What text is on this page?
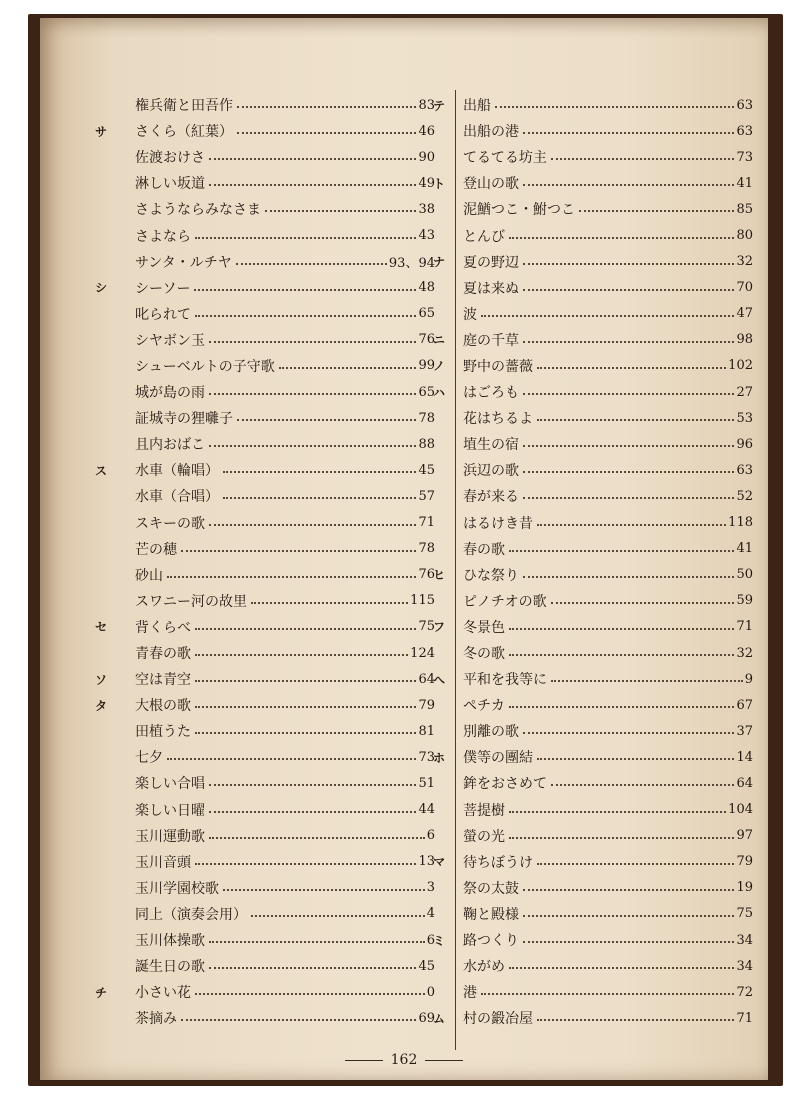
権兵衛と田吾作	83
サ さくら（紅葉）	46
佐渡おけさ	90
淋しい坂道	49
さようならみなさま	38
さよなら	43
サンタ・ルチヤ	93、94
シ シーソー	48
叱られて	65
シヤボン玉	76
シューベルトの子守歌	99
城が島の雨	65
証城寺の狸囃子	78
且内おばこ	88
ス 水車（輪唱）	45
水車（合唱）	57
スキーの歌	71
芒の穂	78
砂山	76
スワニー河の故里	115
セ 背くらべ	75
青春の歌	124
ソ 空は青空	64
タ 大根の歌	79
田植うた	81
七夕	73
楽しい合唱	51
楽しい日曜	44
玉川運動歌	6
玉川音頭	13
玉川学園校歌	3
同上（演奏会用）	4
玉川体操歌	6
誕生日の歌	45
チ 小さい花	0
茶摘み	69
テ 出船	63
出船の港	63
てるてる坊主	73
ト 登山の歌	41
泥鰌つこ・鮒つこ	85
とんび	80
ナ 夏の野辺	32
夏は来ぬ	70
波	47
ニ 庭の千草	98
ノ 野中の薔薇	102
ハ はごろも	27
花はちるよ	53
埴生の宿	96
浜辺の歌	63
春が来る	52
はるけき昔	118
春の歌	41
ヒ ひな祭り	50
ピノチオの歌	59
フ 冬景色	71
冬の歌	32
へ 平和を我等に	9
ペチカ	67
別離の歌	37
ホ 僕等の團結	14
鉾をおさめて	64
菩提樹	104
螢の光	97
マ 待ちぼうけ	79
祭の太鼓	19
鞠と殿様	75
ミ 路つくり	34
水がめ	34
港	72
ム 村の鍛冶屋	71
162
